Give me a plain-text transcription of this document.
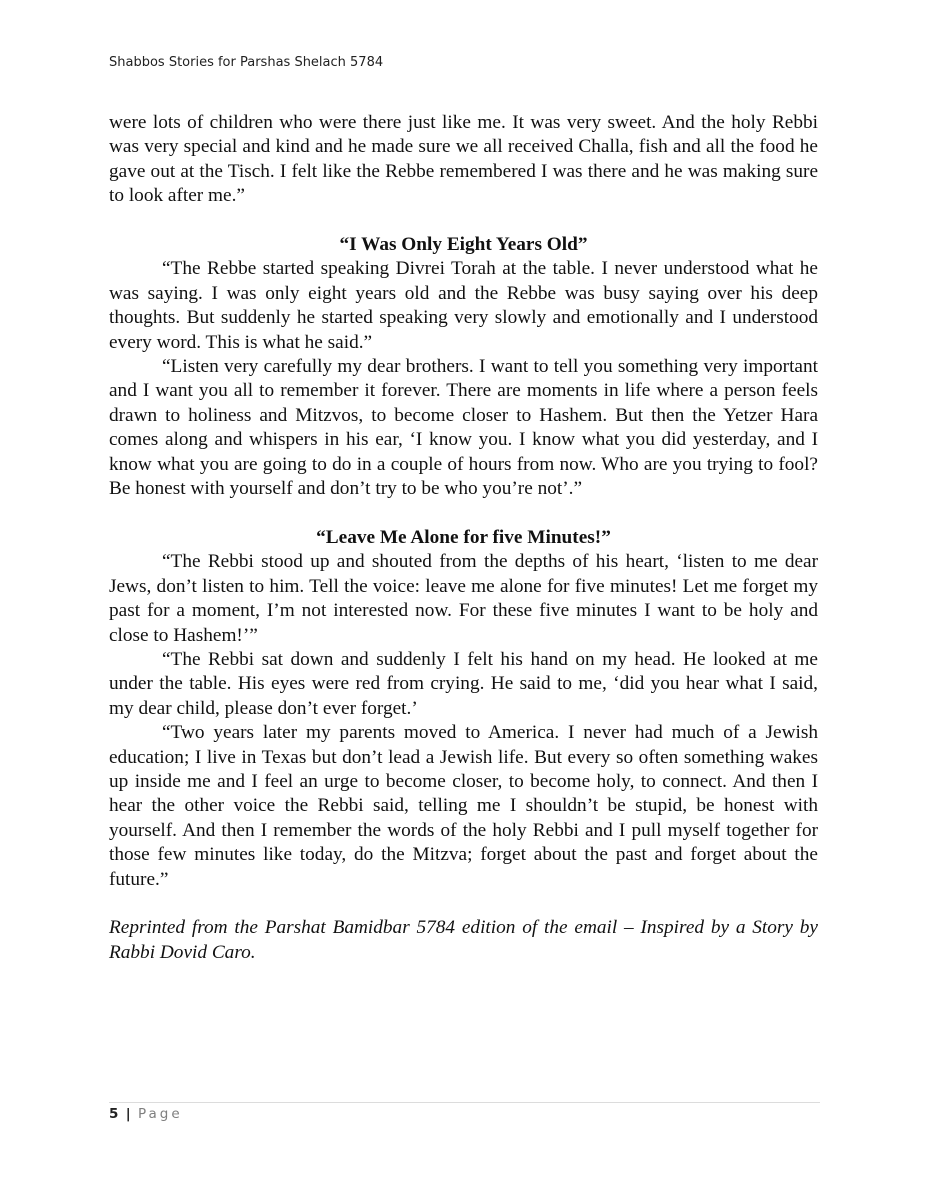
Shabbos Stories for Parshas Shelach 5784

were lots of children who were there just like me. It was very sweet. And the holy Rebbi was very special and kind and he made sure we all received Challa, fish and all the food he gave out at the Tisch. I felt like the Rebbe remembered I was there and he was making sure to look after me.”

“I Was Only Eight Years Old”

“The Rebbe started speaking Divrei Torah at the table. I never understood what he was saying. I was only eight years old and the Rebbe was busy saying over his deep thoughts. But suddenly he started speaking very slowly and emotionally and I understood every word. This is what he said.”

“Listen very carefully my dear brothers. I want to tell you something very important and I want you all to remember it forever. There are moments in life where a person feels drawn to holiness and Mitzvos, to become closer to Hashem. But then the Yetzer Hara comes along and whispers in his ear, ‘I know you. I know what you did yesterday, and I know what you are going to do in a couple of hours from now. Who are you trying to fool? Be honest with yourself and don’t try to be who you’re not’.”

“Leave Me Alone for five Minutes!”

“The Rebbi stood up and shouted from the depths of his heart, ‘listen to me dear Jews, don’t listen to him. Tell the voice: leave me alone for five minutes! Let me forget my past for a moment, I’m not interested now. For these five minutes I want to be holy and close to Hashem!’”

“The Rebbi sat down and suddenly I felt his hand on my head. He looked at me under the table. His eyes were red from crying. He said to me, ‘did you hear what I said, my dear child, please don’t ever forget.’

“Two years later my parents moved to America. I never had much of a Jewish education; I live in Texas but don’t lead a Jewish life. But every so often something wakes up inside me and I feel an urge to become closer, to become holy, to connect. And then I hear the other voice the Rebbi said, telling me I shouldn’t be stupid, be honest with yourself. And then I remember the words of the holy Rebbi and I pull myself together for those few minutes like today, do the Mitzva; forget about the past and forget about the future.”

Reprinted from the Parshat Bamidbar 5784 edition of the email – Inspired by a Story by Rabbi Dovid Caro.

5 | Page
